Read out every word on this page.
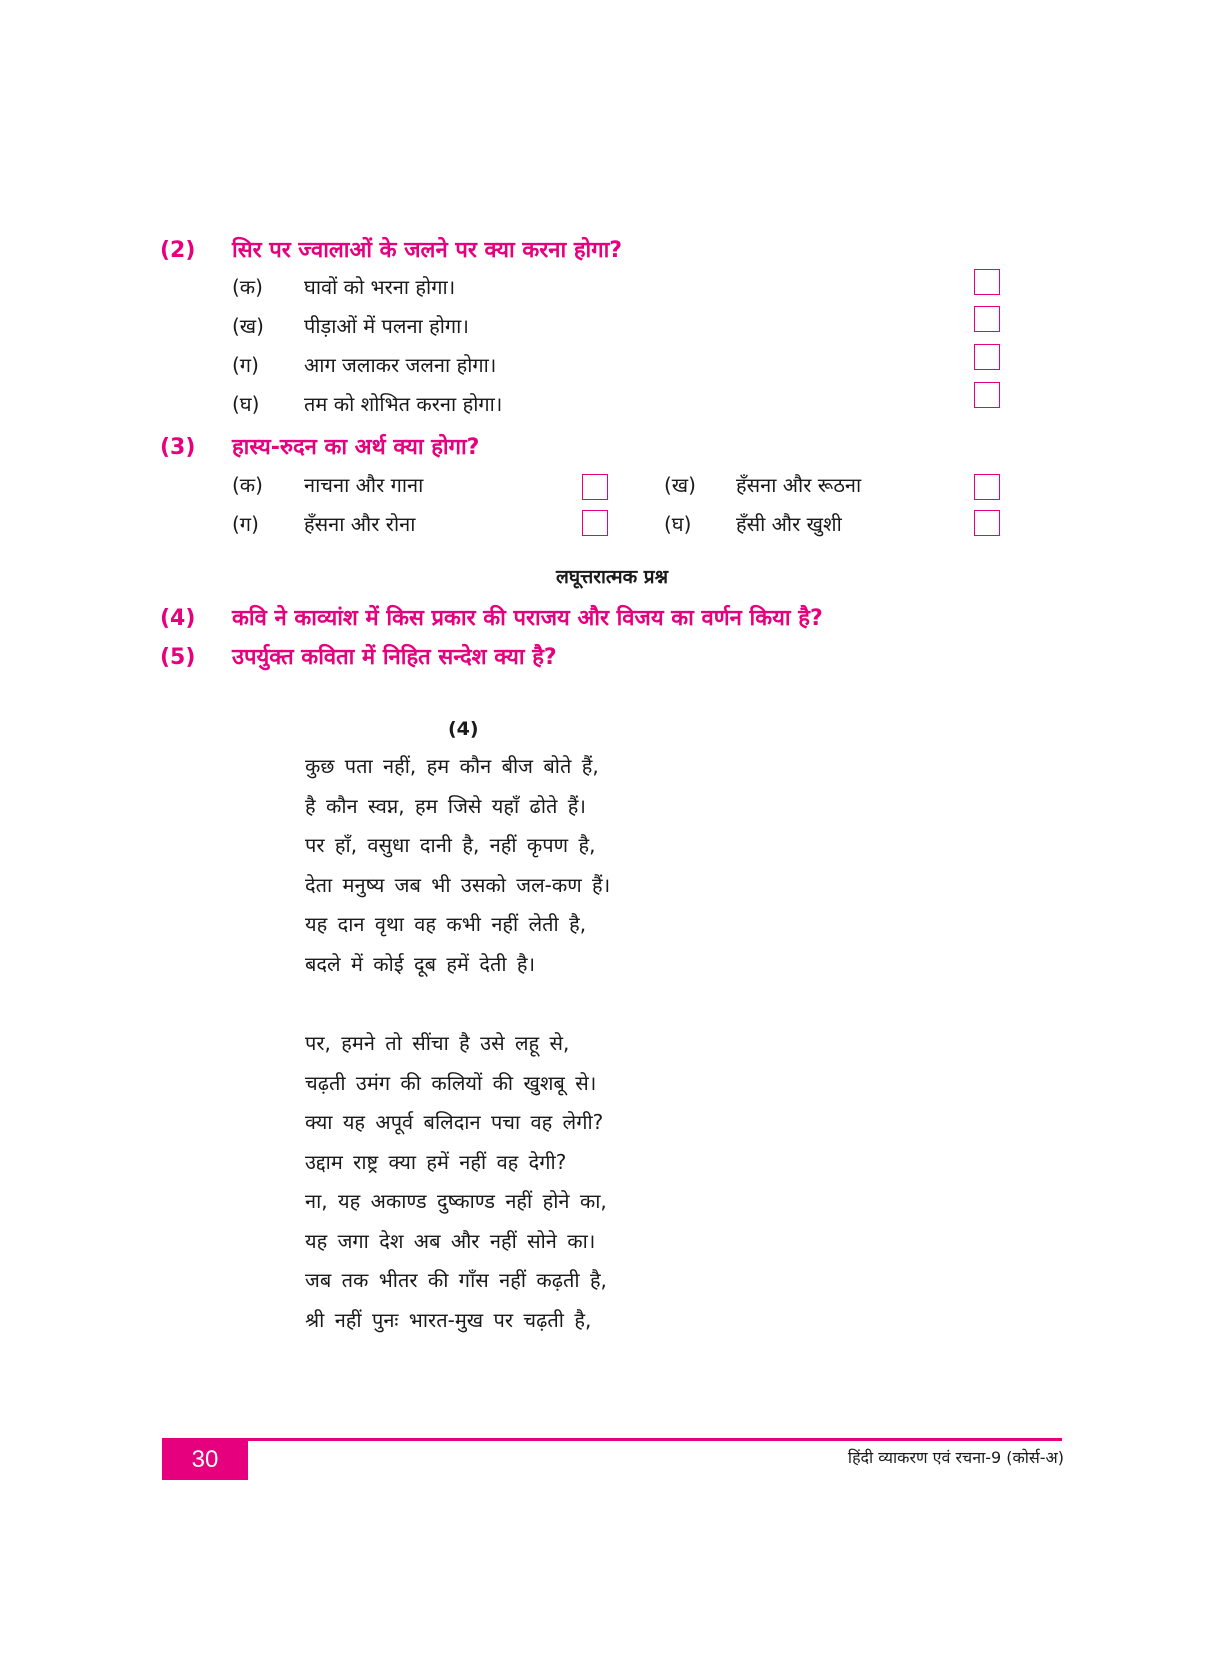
(2) सिर पर ज्वालाओं के जलने पर क्या करना होगा?
(क) घावों को भरना होगा।
(ख) पीड़ाओं में पलना होगा।
(ग) आग जलाकर जलना होगा।
(घ) तम को शोभित करना होगा।
(3) हास्य-रुदन का अर्थ क्या होगा?
(क) नाचना और गाना	(ख) हँसना और रूठना
(ग) हँसना और रोना	(घ) हँसी और खुशी
लघूत्तरात्मक प्रश्न
(4) कवि ने काव्यांश में किस प्रकार की पराजय और विजय का वर्णन किया है?
(5) उपर्युक्त कविता में निहित सन्देश क्या है?
(4)
कुछ पता नहीं, हम कौन बीज बोते हैं,
है कौन स्वप्न, हम जिसे यहाँ ढोते हैं।
पर हाँ, वसुधा दानी है, नहीं कृपण है,
देता मनुष्य जब भी उसको जल-कण हैं।
यह दान वृथा वह कभी नहीं लेती है,
बदले में कोई दूब हमें देती है।
पर, हमने तो सींचा है उसे लहू से,
चढ़ती उमंग की कलियों की खुशबू से।
क्या यह अपूर्व बलिदान पचा वह लेगी?
उद्दाम राष्ट्र क्या हमें नहीं वह देगी?
ना, यह अकाण्ड दुष्काण्ड नहीं होने का,
यह जगा देश अब और नहीं सोने का।
जब तक भीतर की गाँस नहीं कढ़ती है,
श्री नहीं पुनः भारत-मुख पर चढ़ती है,
30	हिंदी व्याकरण एवं रचना-9 (कोर्स-अ)
